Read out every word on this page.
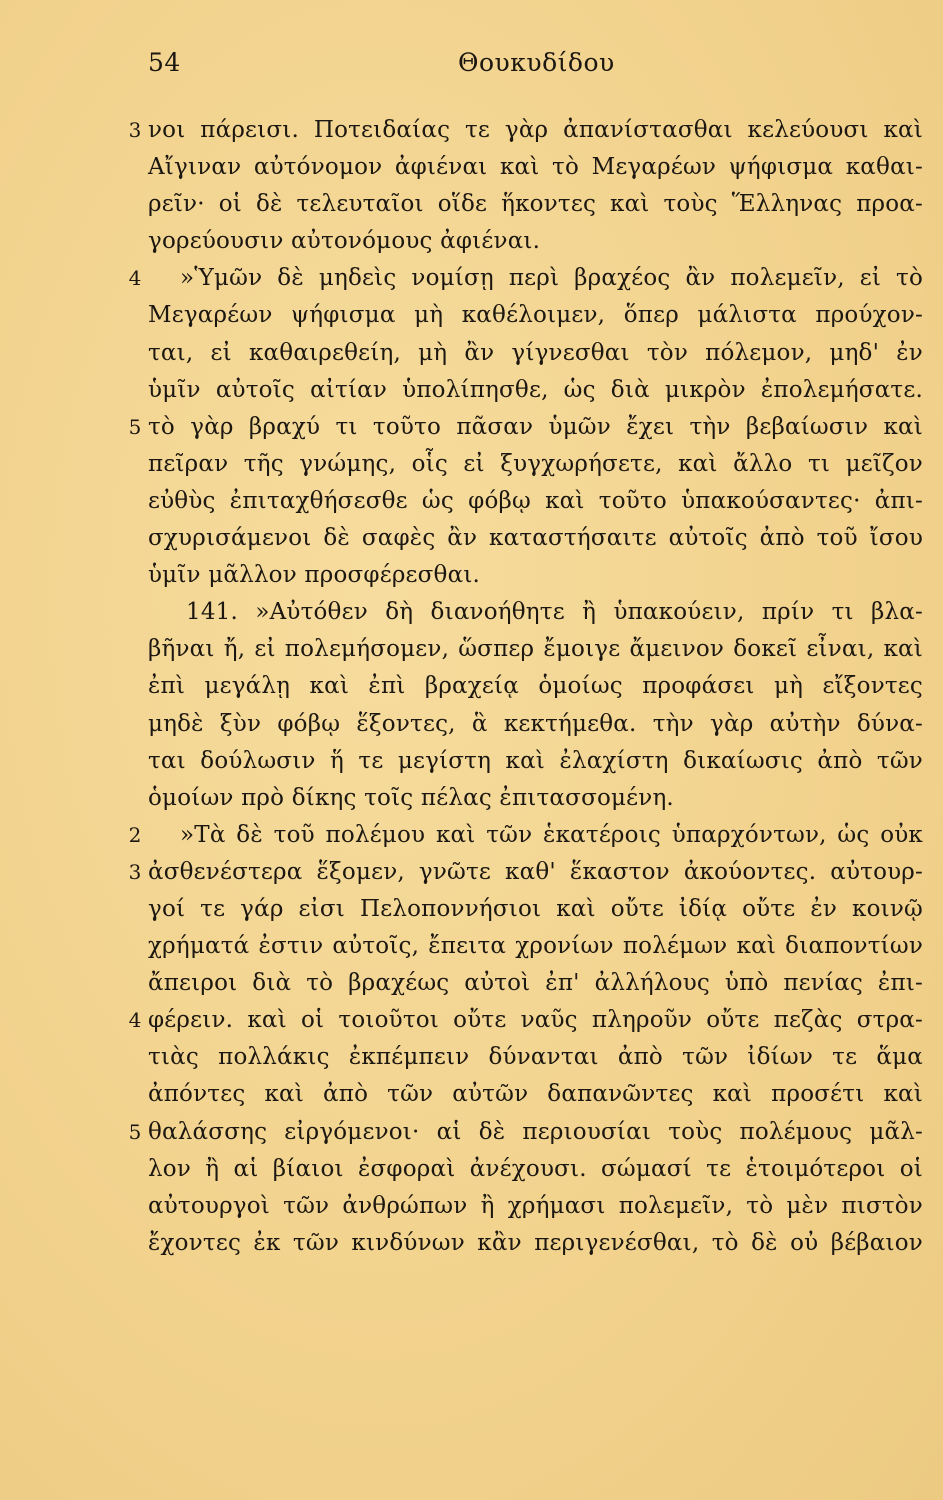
54	Θουκυδίδου
3 νοι πάρεισι. Ποτειδαίας τε γὰρ ἀπανίστασθαι κελεύουσι καὶ
Αἴγιναν αὐτόνομον ἀφιέναι καὶ τὸ Μεγαρέων ψήφισμα καθαι-
ρεῖν· οἱ δὲ τελευταῖοι οἵδε ἥκοντες καὶ τοὺς Ἕλληνας προα-
γορεύουσιν αὐτονόμους ἀφιέναι.
4 »Ὑμῶν δὲ μηδεὶς νομίσῃ περὶ βραχέος ἂν πολεμεῖν, εἰ τὸ
Μεγαρέων ψήφισμα μὴ καθέλοιμεν, ὅπερ μάλιστα προύχον-
ται, εἰ καθαιρεθείη, μὴ ἂν γίγνεσθαι τὸν πόλεμον, μηδ' ἐν
ὑμῖν αὐτοῖς αἰτίαν ὑπολίπησθε, ὡς διὰ μικρὸν ἐπολεμήσατε.
5 τὸ γὰρ βραχύ τι τοῦτο πᾶσαν ὑμῶν ἔχει τὴν βεβαίωσιν καὶ
πεῖραν τῆς γνώμης, οἷς εἰ ξυγχωρήσετε, καὶ ἄλλο τι μεῖζον
εὐθὺς ἐπιταχθήσεσθε ὡς φόβῳ καὶ τοῦτο ὑπακούσαντες· ἀπι-
σχυρισάμενοι δὲ σαφὲς ἂν καταστήσαιτε αὐτοῖς ἀπὸ τοῦ ἴσου
ὑμῖν μᾶλλον προσφέρεσθαι.
141. »Αὐτόθεν δὴ διανοήθητε ἢ ὑπακούειν, πρίν τι βλα-
βῆναι ἤ, εἰ πολεμήσομεν, ὥσπερ ἔμοιγε ἄμεινον δοκεῖ εἶναι, καὶ
ἐπὶ μεγάλῃ καὶ ἐπὶ βραχείᾳ ὁμοίως προφάσει μὴ εἴξοντες
μηδὲ ξὺν φόβῳ ἕξοντες, ἃ κεκτήμεθα. τὴν γὰρ αὐτὴν δύνα-
ται δούλωσιν ἥ τε μεγίστη καὶ ἐλαχίστη δικαίωσις ἀπὸ τῶν
ὁμοίων πρὸ δίκης τοῖς πέλας ἐπιτασσομένη.
2 »Τὰ δὲ τοῦ πολέμου καὶ τῶν ἑκατέροις ὑπαρχόντων, ὡς οὐκ
3 ἀσθενέστερα ἕξομεν, γνῶτε καθ' ἕκαστον ἀκούοντες. αὐτουρ-
γοί τε γάρ εἰσι Πελοποννήσιοι καὶ οὔτε ἰδίᾳ οὔτε ἐν κοινῷ
χρήματά ἐστιν αὐτοῖς, ἔπειτα χρονίων πολέμων καὶ διαποντίων
ἄπειροι διὰ τὸ βραχέως αὐτοὶ ἐπ' ἀλλήλους ὑπὸ πενίας ἐπι-
4 φέρειν. καὶ οἱ τοιοῦτοι οὔτε ναῦς πληροῦν οὔτε πεζὰς στρα-
τιὰς πολλάκις ἐκπέμπειν δύνανται ἀπὸ τῶν ἰδίων τε ἅμα
ἀπόντες καὶ ἀπὸ τῶν αὐτῶν δαπανῶντες καὶ προσέτι καὶ
5 θαλάσσης εἰργόμενοι· αἱ δὲ περιουσίαι τοὺς πολέμους μᾶλ-
λον ἢ αἱ βίαιοι ἐσφοραὶ ἀνέχουσι. σώμασί τε ἑτοιμότεροι οἱ
αὐτουργοὶ τῶν ἀνθρώπων ἢ χρήμασι πολεμεῖν, τὸ μὲν πιστὸν
ἔχοντες ἐκ τῶν κινδύνων κἂν περιγενέσθαι, τὸ δὲ οὐ βέβαιον
